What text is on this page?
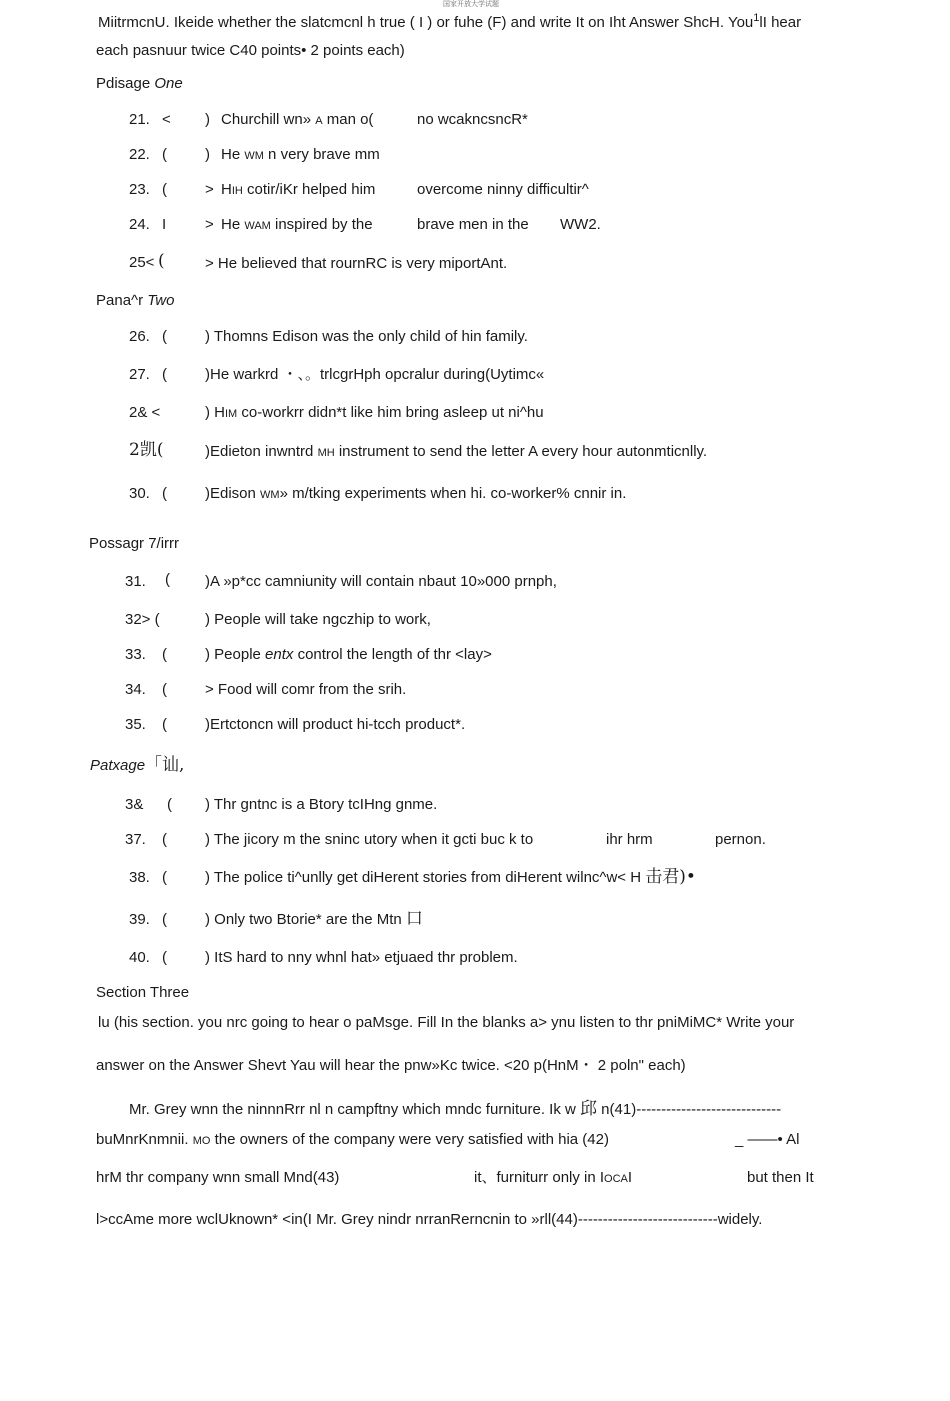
国家开放大学试题
MiitrmcnU. Ikeide whether the slatcmcnl h true ( I ) or fuhe (F) and write It on Iht Answer ShcH. You$^1$lI hear
each pasnuur twice C40 points• 2 points each)
Pdisage One
21. < ) Churchill wn» A man o(	no wcakncsncR*
22. (	) He WM n very brave mm
23. (	> HIH cotir/iKr helped him	overcome ninny difficultir^
24. I	> He WAM inspired by the	brave men in the WW2.
25< (	> He believed that rournRC is very miportAnt.
Pana^r Two
26. (	) Thomns Edison was the only child of hin family.
27. (	)He warkrd ・、。trlcgrHph opcralur during(Uytimc«
2& <	) HIM co-workrr didn*t like him bring asleep ut ni^hu
2凯(	)Edieton inwntrd MH instrument to send the letter A every hour autonmticnlly.
30. (	)Edison WM» m/tking experiments when hi. co-worker% cnnir in.
Possagr 7/irrr
31. ( )A »p*cc camniunity will contain nbaut 10»000 prnph,
32> (	) People will take ngczhip to work,
33. (	) People entx control the length of thr <lay>
34. (	> Food will comr from the srih.
35. (	)Ertctoncn will product hi-tcch product*.
Patxage「讪,
3& ( ) Thr gntnc is a Btory tcIHng gnme.
37. (	) The jicory m the sninc utory when it gcti buc k to	ihr hrm	pernon.
38. (	) The police ti^unlly get diHerent stories from diHerent wilnc^w< H 击君)•
39. (	) Only two Btorie* are the Mtn 口
40. (	) ItS hard to nny whnl hat» etjuaed thr problem.
Section Three
lu (his section. you nrc going to hear o paMsge. Fill In the blanks a> ynu listen to thr pniMiMC* Write your
answer on the Answer Shevt Yau will hear the pnw»Kc twice. <20 p(HnM・ 2 poln" each)
Mr. Grey wnn the ninnnRrr nl n campftny which mndc furniture. Ik w 邱 n(41)-----------------------------
buMnrKnmnii. MO the owners of the company were very satisfied with hia (42)	_ ——• Al
hrM thr company wnn small Mnd(43)	it、furniturr only in IOCAI	but then It
l>ccAme more wclUknown* <in(I Mr. Grey nindr nrranRerncnin to »rll(44)----------------------------widely.
